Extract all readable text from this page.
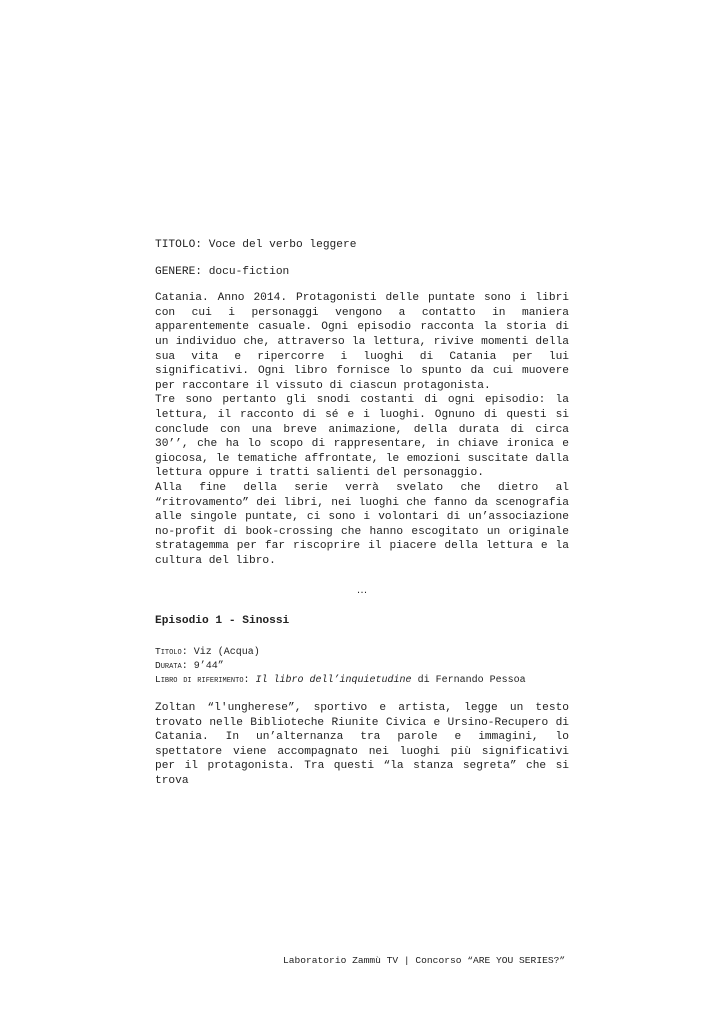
TITOLO: Voce del verbo leggere

GENERE: docu-fiction

Catania. Anno 2014. Protagonisti delle puntate sono i libri con cui i personaggi vengono a contatto in maniera apparentemente casuale. Ogni episodio racconta la storia di un individuo che, attraverso la lettura, rivive momenti della sua vita e ripercorre i luoghi di Catania per lui significativi. Ogni libro fornisce lo spunto da cui muovere per raccontare il vissuto di ciascun protagonista.

Tre sono pertanto gli snodi costanti di ogni episodio: la lettura, il racconto di sé e i luoghi. Ognuno di questi si conclude con una breve animazione, della durata di circa 30’’, che ha lo scopo di rappresentare, in chiave ironica e giocosa, le tematiche affrontate, le emozioni suscitate dalla lettura oppure i tratti salienti del personaggio.

Alla fine della serie verrà svelato che dietro al “ritrovamento” dei libri, nei luoghi che fanno da scenografia alle singole puntate, ci sono i volontari di un’associazione no-profit di book-crossing che hanno escogitato un originale stratagemma per far riscoprire il piacere della lettura e la cultura del libro.

…

Episodio 1 - Sinossi

Titolo: Viz (Acqua)
Durata: 9’44”
Libro di riferimento: Il libro dell’inquietudine di Fernando Pessoa

Zoltan “l'ungherese”, sportivo e artista, legge un testo trovato nelle Biblioteche Riunite Civica e Ursino-Recupero di Catania. In un’alternanza tra parole e immagini, lo spettatore viene accompagnato nei luoghi più significativi per il protagonista. Tra questi “la stanza segreta” che si trova

Laboratorio Zammù TV | Concorso “ARE YOU SERIES?”
